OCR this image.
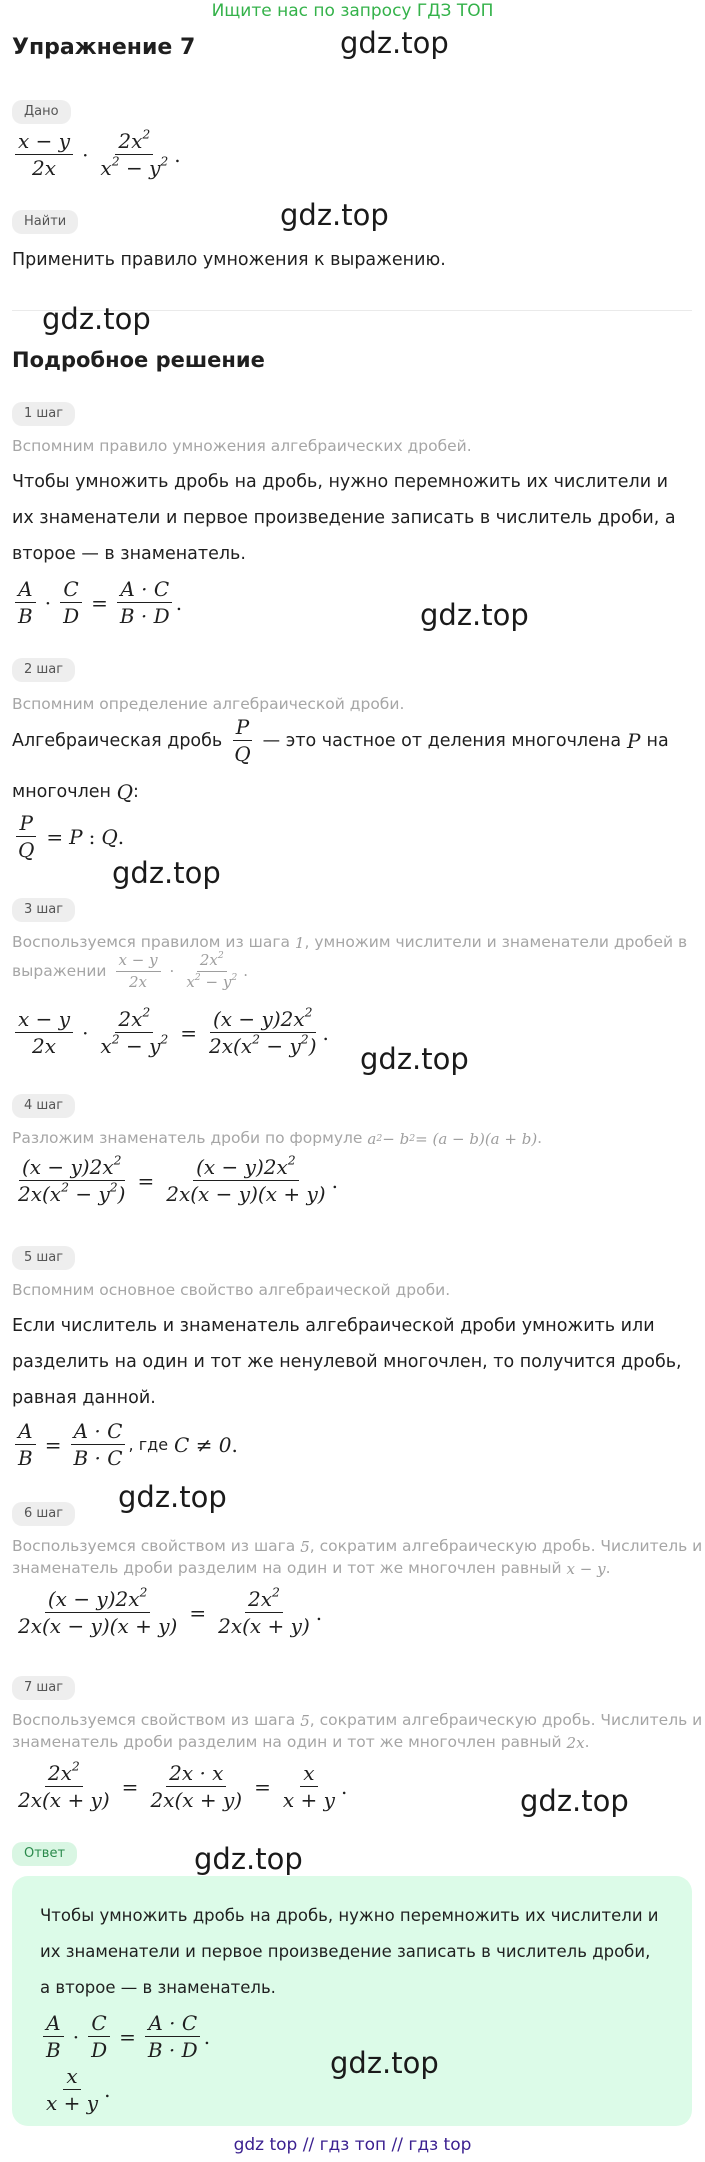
Ищите нас по запросу ГДЗ ТОП
Упражнение 7
Дано
$\frac{x - y}{2x} \cdot \frac{2x^2}{x^2 - y^2}$ .
Найти
Применить правило умножения к выражению.
Подробное решение
1 шаг
Вспомним правило умножения алгебраических дробей.
Чтобы умножить дробь на дробь, нужно перемножить их числители и их знаменатели и первое произведение записать в числитель дроби, а второе — в знаменатель.
$\frac{A}{B} \cdot \frac{C}{D} = \frac{A \cdot C}{B \cdot D}$ .
2 шаг
Вспомним определение алгебраической дроби.
Алгебраическая дробь $\frac{P}{Q}$ — это частное от деления многочлена P на
многочлен Q:
$\frac{P}{Q} = P$ : Q .
3 шаг
Воспользуемся правилом из шага 1, умножим числители и знаменатели дробей в
выражении $\frac{x - y}{2x} \cdot \frac{2x^2}{x^2 - y^2}$ .
$\frac{x - y}{2x} \cdot \frac{2x^2}{x^2 - y^2} = \frac{(x - y)2x^2}{2x(x^2 - y^2)}$ .
4 шаг
Разложим знаменатель дроби по формуле a 2 − b 2 = (a − b)(a + b).
$\frac{(x - y)2x^2}{2x(x^2 - y^2)} = \frac{(x - y)2x^2}{2x(x - y)(x + y)}$ .
5 шаг
Вспомним основное свойство алгебраической дроби.
Если числитель и знаменатель алгебраической дроби умножить или разделить на один и тот же ненулевой многочлен, то получится дробь, равная данной.
$\frac{A}{B} = \frac{A \cdot C}{B \cdot C}$ , где C ≠ 0 .
6 шаг
Воспользуемся свойством из шага 5, сократим алгебраическую дробь. Числитель и
знаменатель дроби разделим на один и тот же многочлен равный x − y.
$\frac{(x - y)2x^2}{2x(x - y)(x + y)} = \frac{2x^2}{2x(x + y)}$ .
7 шаг
Воспользуемся свойством из шага 5, сократим алгебраическую дробь. Числитель и
знаменатель дроби разделим на один и тот же многочлен равный 2x.
$\frac{2x^2}{2x(x + y)} = \frac{2x \cdot x}{2x(x + y)} = \frac{x}{x + y}$ .
Ответ
Чтобы умножить дробь на дробь, нужно перемножить их числители и их знаменатели и первое произведение записать в числитель дроби, а второе — в знаменатель.
$\frac{A}{B} \cdot \frac{C}{D} = \frac{A \cdot C}{B \cdot D}$ .
$\frac{x}{x + y}$ .
gdz.top
gdz.top
gdz.top
gdz.top
gdz.top
gdz.top
gdz.top
gdz.top
gdz.top
gdz.top
gdz top // гдз топ // гдз top
